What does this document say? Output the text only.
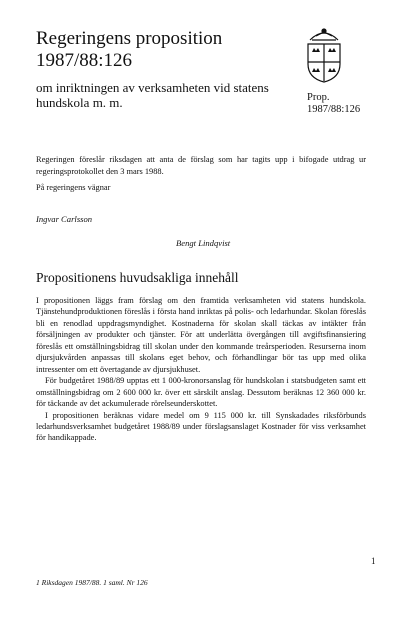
Regeringens proposition
1987/88:126
om inriktningen av verksamheten vid statens hundskola m. m.	Prop.
1987/88:126
Regeringen föreslår riksdagen att anta de förslag som har tagits upp i bifogade utdrag ur regeringsprotokollet den 3 mars 1988.
På regeringens vägnar
Ingvar Carlsson
Bengt Lindqvist
Propositionens huvudsakliga innehåll

I propositionen läggs fram förslag om den framtida verksamheten vid statens hundskola. Tjänstehundproduktionen föreslås i första hand inriktas på polis- och ledarhundar. Skolan föreslås bli en renodlad uppdragsmyndighet. Kostnaderna för skolan skall täckas av intäkter från försäljningen av produkter och tjänster. För att underlätta övergången till avgiftsfinansiering föreslås ett omställningsbidrag till skolan under den kommande treårsperioden. Resurserna inom djursjukvården anpassas till skolans eget behov, och förhandlingar bör tas upp med olika intressenter om ett övertagande av djursjukhuset.

För budgetåret 1988/89 upptas ett 1 000-kronorsanslag för hundskolan i statsbudgeten samt ett omställningsbidrag om 2 600 000 kr. över ett särskilt anslag. Dessutom beräknas 12 360 000 kr. för täckande av det ackumulerade rörelseunderskottet.

I propositionen beräknas vidare medel om 9 115 000 kr. till Synskadades riksförbunds ledarhundsverksamhet budgetåret 1988/89 under förslagsanslaget Kostnader för viss verksamhet för handikappade.

1
1 Riksdagen 1987/88. 1 saml. Nr 126
